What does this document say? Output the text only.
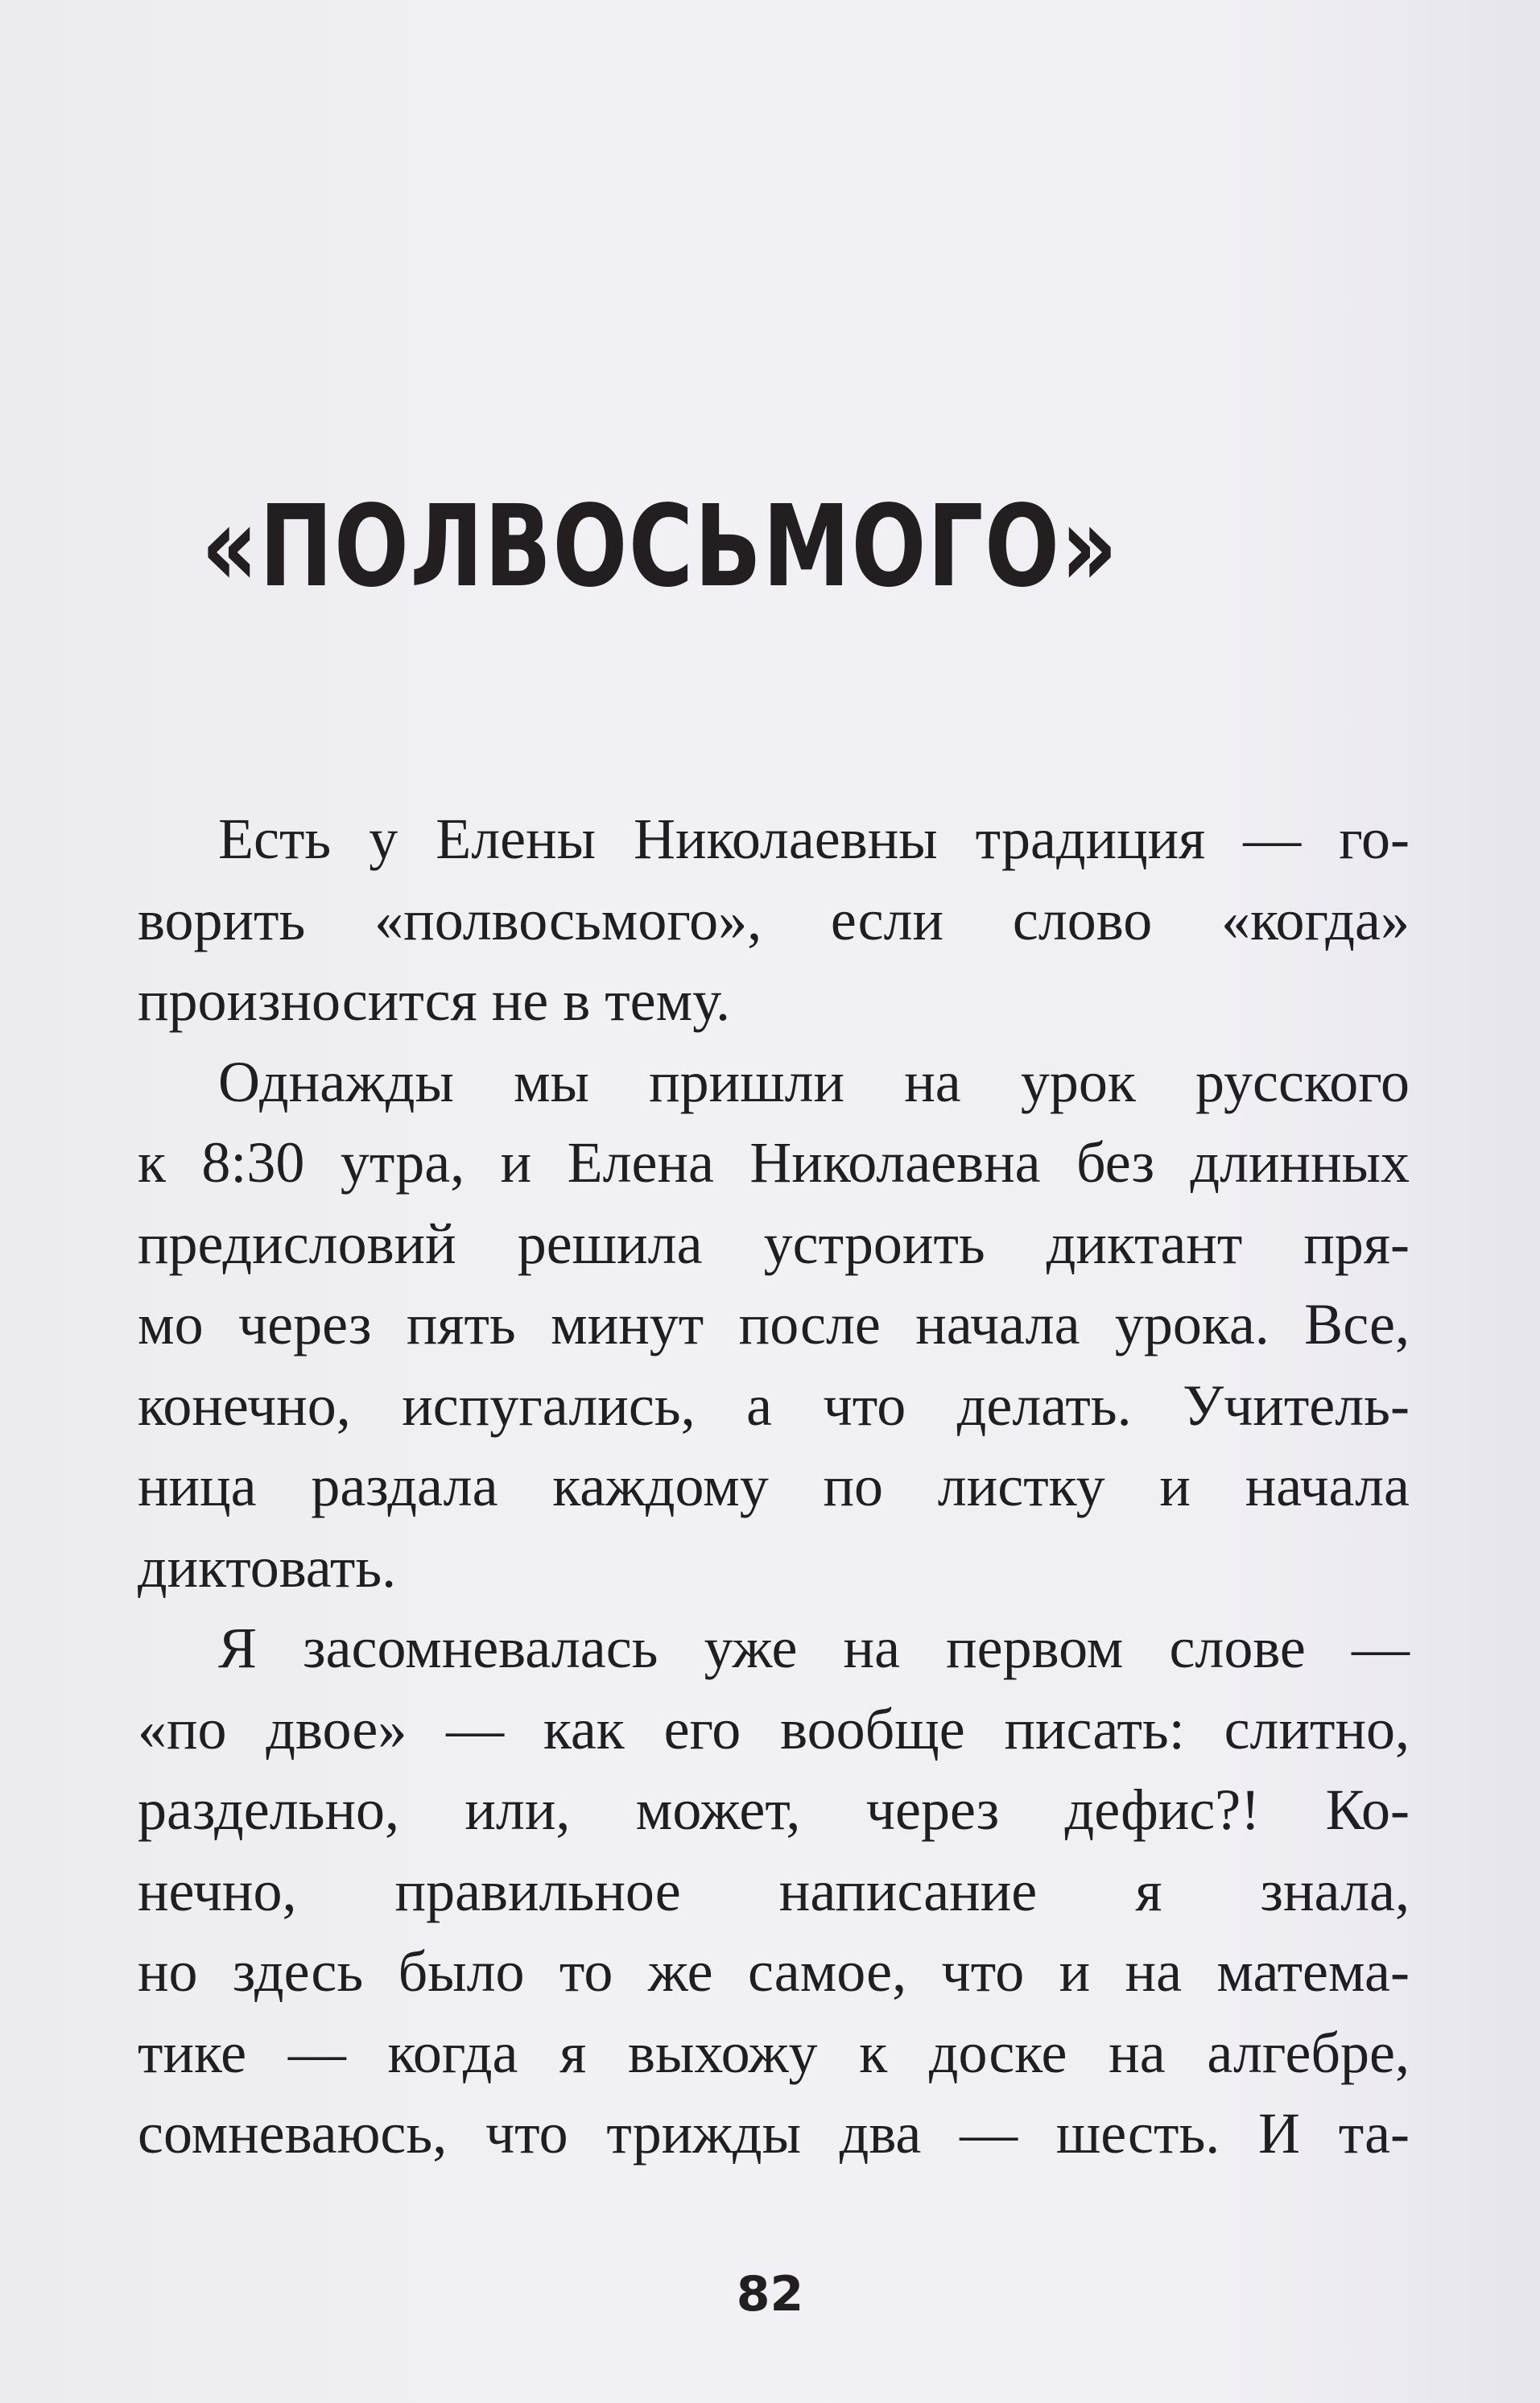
«ПОЛВОСЬМОГО»
Есть у Елены Николаевны традиция — го-
ворить «полвосьмого», если слово «когда»
произносится не в тему.
Однажды мы пришли на урок русского
к 8:30 утра, и Елена Николаевна без длинных
предисловий решила устроить диктант пря-
мо через пять минут после начала урока. Все,
конечно, испугались, а что делать. Учитель-
ница раздала каждому по листку и начала
диктовать.
Я засомневалась уже на первом слове —
«по двое» — как его вообще писать: слитно,
раздельно, или, может, через дефис?! Ко-
нечно, правильное написание я знала,
но здесь было то же самое, что и на матема-
тике — когда я выхожу к доске на алгебре,
сомневаюсь, что трижды два — шесть. И та-
82
